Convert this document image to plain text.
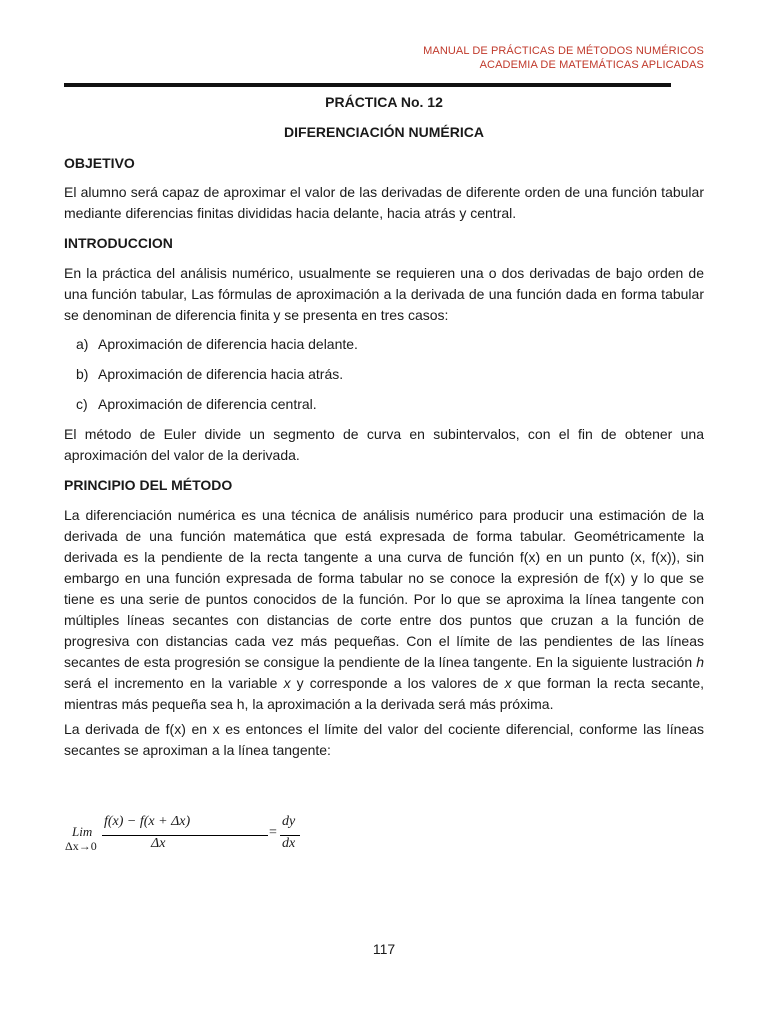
MANUAL DE PRÁCTICAS DE MÉTODOS NUMÉRICOS
ACADEMIA DE MATEMÁTICAS APLICADAS
PRÁCTICA No. 12
DIFERENCIACIÓN NUMÉRICA
OBJETIVO

El alumno será capaz de aproximar el valor de las derivadas de diferente orden de una función tabular mediante diferencias finitas divididas hacia delante, hacia atrás y central.

INTRODUCCION

En la práctica del análisis numérico, usualmente se requieren una o dos derivadas de bajo orden de una función tabular, Las fórmulas de aproximación a la derivada de una función dada en forma tabular se denominan de diferencia finita y se presenta en tres casos:

a) Aproximación de diferencia hacia delante.
b) Aproximación de diferencia hacia atrás.
c) Aproximación de diferencia central.

El método de Euler divide un segmento de curva en subintervalos, con el fin de obtener una aproximación del valor de la derivada.

PRINCIPIO DEL MÉTODO

La diferenciación numérica es una técnica de análisis numérico para producir una estimación de la derivada de una función matemática que está expresada de forma tabular. Geométricamente la derivada es la pendiente de la recta tangente a una curva de función f(x) en un punto (x, f(x)), sin embargo en una función expresada de forma tabular no se conoce la expresión de f(x) y lo que se tiene es una serie de puntos conocidos de la función. Por lo que se aproxima la línea tangente con múltiples líneas secantes con distancias de corte entre dos puntos que cruzan a la función de progresiva con distancias cada vez más pequeñas. Con el límite de las pendientes de las líneas secantes de esta progresión se consigue la pendiente de la línea tangente. En la siguiente lustración h será el incremento en la variable x y corresponde a los valores de x que forman la recta secante, mientras más pequeña sea h, la aproximación a la derivada será más próxima.

La derivada de f(x) en x es entonces el límite del valor del cociente diferencial, conforme las líneas secantes se aproximan a la línea tangente:

Lim
Δx→0
f(x) − f(x + Δx)
Δx
=
dy
dx
117
